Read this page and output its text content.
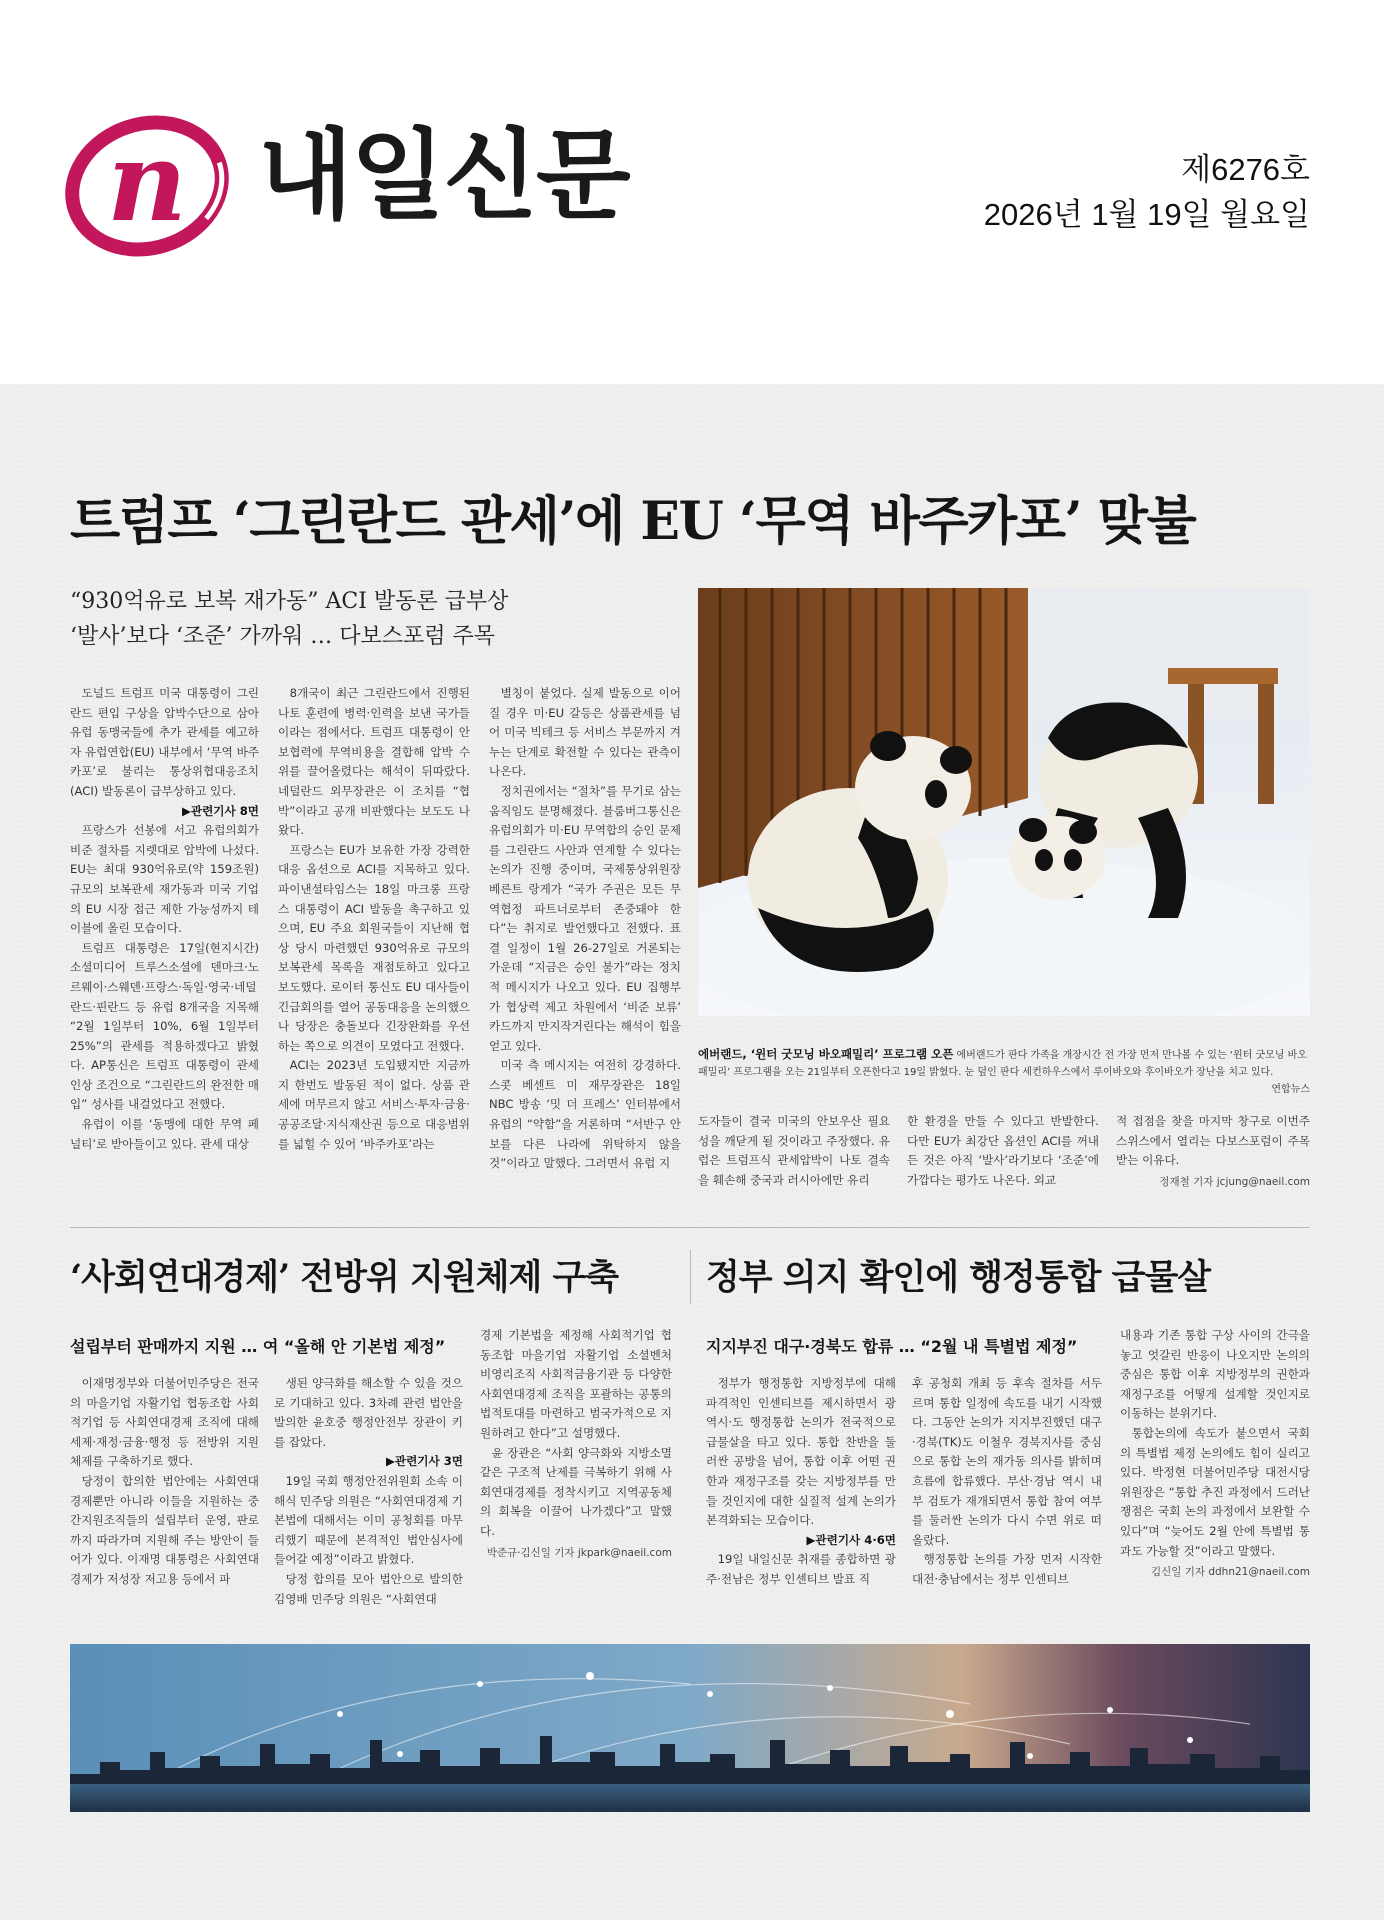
n 내일신문	제6276호
2026년 1월 19일 월요일
트럼프 ‘그린란드 관세’에 EU ‘무역 바주카포’ 맞불
“930억유로 보복 재가동” ACI 발동론 급부상
‘발사’보다 ‘조준’ 가까워 … 다보스포럼 주목

도널드 트럼프 미국 대통령이 그린란드 편입 구상을 압박수단으로 삼아 유럽 동맹국들에 추가 관세를 예고하자 유럽연합(EU) 내부에서 ‘무역 바주카포’로 불리는 통상위협대응조치(ACI) 발동론이 급부상하고 있다.

▶관련기사 8면

프랑스가 선봉에 서고 유럽의회가 비준 절차를 지렛대로 압박에 나섰다. EU는 최대 930억유로(약 159조원) 규모의 보복관세 재가동과 미국 기업의 EU 시장 접근 제한 가능성까지 테이블에 올린 모습이다.

트럼프 대통령은 17일(현지시간) 소셜미디어 트루스소셜에 덴마크·노르웨이·스웨덴·프랑스·독일·영국·네덜란드·핀란드 등 유럽 8개국을 지목해 “2월 1일부터 10%, 6월 1일부터 25%”의 관세를 적용하겠다고 밝혔다. AP통신은 트럼프 대통령이 관세인상 조건으로 “그린란드의 완전한 매입” 성사를 내걸었다고 전했다.

유럽이 이를 ‘동맹에 대한 무역 페널티’로 받아들이고 있다. 관세 대상

8개국이 최근 그린란드에서 진행된 나토 훈련에 병력·인력을 보낸 국가들이라는 점에서다. 트럼프 대통령이 안보협력에 무역비용을 결합해 압박 수위를 끌어올렸다는 해석이 뒤따랐다. 네덜란드 외무장관은 이 조치를 “협박”이라고 공개 비판했다는 보도도 나왔다.

프랑스는 EU가 보유한 가장 강력한 대응 옵션으로 ACI를 지목하고 있다. 파이낸셜타임스는 18일 마크롱 프랑스 대통령이 ACI 발동을 촉구하고 있으며, EU 주요 회원국들이 지난해 협상 당시 마련했던 930억유로 규모의 보복관세 목록을 재점토하고 있다고 보도했다. 로이터 통신도 EU 대사들이 긴급회의를 열어 공동대응을 논의했으나 당장은 충돌보다 긴장완화를 우선하는 쪽으로 의견이 모였다고 전했다.

ACI는 2023년 도입됐지만 지금까지 한번도 발동된 적이 없다. 상품 관세에 머무르지 않고 서비스·투자·금융·공공조달·지식재산권 등으로 대응범위를 넓힐 수 있어 ‘바주카포’라는

별칭이 붙었다. 실제 발동으로 이어질 경우 미·EU 갈등은 상품관세를 넘어 미국 빅테크 등 서비스 부문까지 겨누는 단계로 확전할 수 있다는 관측이 나온다.

정치권에서는 “절차”를 무기로 삼는 움직임도 분명해졌다. 블룸버그통신은 유럽의회가 미·EU 무역합의 승인 문제를 그린란드 사안과 연계할 수 있다는 논의가 진행 중이며, 국제통상위원장 베른트 랑게가 “국가 주권은 모든 무역협정 파트너로부터 존중돼야 한다”는 취지로 발언했다고 전했다. 표결 일정이 1월 26-27일로 거론되는 가운데 “지금은 승인 불가”라는 정치적 메시지가 나오고 있다. EU 집행부가 협상력 제고 차원에서 ‘비준 보류’ 카드까지 만지작거린다는 해석이 힘을 얻고 있다.

미국 측 메시지는 여전히 강경하다. 스콧 베센트 미 재무장관은 18일 NBC 방송 ‘밋 더 프레스’ 인터뷰에서 유럽의 “약함”을 거론하며 “서반구 안보를 다른 나라에 위탁하지 않을 것”이라고 말했다. 그러면서 유럽 지

에버랜드, ‘윈터 굿모닝 바오패밀리’ 프로그램 오픈 에버랜드가 판다 가족을 개장시간 전 가장 먼저 만나볼 수 있는 ‘윈터 굿모닝 바오패밀리’ 프로그램을 오는 21일부터 오픈한다고 19일 밝혔다. 눈 덮인 판다 세컨하우스에서 루이바오와 후이바오가 장난을 치고 있다.
연합뉴스

도자들이 결국 미국의 안보우산 필요성을 깨닫게 될 것이라고 주장했다. 유럽은 트럼프식 관세압박이 나토 결속을 훼손해 중국과 러시아에만 유리

한 환경을 만들 수 있다고 반발한다. 다만 EU가 최강단 옵션인 ACI를 꺼내 든 것은 아직 ‘발사’라기보다 ‘조준’에 가깝다는 평가도 나온다. 외교

적 접점을 찾을 마지막 창구로 이번주 스위스에서 열리는 다보스포럼이 주목받는 이유다.

정재철 기자 jcjung@naeil.com
‘사회연대경제’ 전방위 지원체제 구축
설립부터 판매까지 지원 … 여 “올해 안 기본법 제정”

이재명정부와 더불어민주당은 전국의 마을기업 자활기업 협동조합 사회적기업 등 사회연대경제 조직에 대해 세제·재정·금융·행정 등 전방위 지원체제를 구축하기로 했다.

당정이 합의한 법안에는 사회연대경제뿐만 아니라 이들을 지원하는 중간지원조직들의 설립부터 운영, 판로까지 따라가며 지원해 주는 방안이 들어가 있다. 이재명 대통령은 사회연대경제가 저성장 저고용 등에서 파

생된 양극화를 해소할 수 있을 것으로 기대하고 있다. 3차례 관련 법안을 발의한 윤호중 행정안전부 장관이 키를 잡았다.

▶관련기사 3면

19일 국회 행정안전위원회 소속 이해식 민주당 의원은 “사회연대경제 기본법에 대해서는 이미 공청회를 마무리했기 때문에 본격적인 법안심사에 들어갈 예정”이라고 밝혔다.

당정 합의를 모아 법안으로 발의한 김영배 민주당 의원은 “사회연대

경제 기본법을 제정해 사회적기업 협동조합 마을기업 자활기업 소셜벤처 비영리조직 사회적금융기관 등 다양한 사회연대경제 조직을 포괄하는 공통의 법적토대를 마련하고 범국가적으로 지원하려고 한다”고 설명했다.

윤 장관은 “사회 양극화와 지방소멸 같은 구조적 난제를 극복하기 위해 사회연대경제를 정착시키고 지역공동체의 회복을 이끌어 나가겠다”고 말했다.

박준규·김신일 기자 jkpark@naeil.com
정부 의지 확인에 행정통합 급물살
지지부진 대구·경북도 합류 … “2월 내 특별법 제정”

정부가 행정통합 지방정부에 대해 파격적인 인센티브를 제시하면서 광역시·도 행정통합 논의가 전국적으로 급물살을 타고 있다. 통합 찬반을 둘러싼 공방을 넘어, 통합 이후 어떤 권한과 재정구조를 갖는 지방정부를 만들 것인지에 대한 실질적 설계 논의가 본격화되는 모습이다.

▶관련기사 4·6면

19일 내일신문 취재를 종합하면 광주·전남은 정부 인센티브 발표 직

후 공청회 개최 등 후속 절차를 서두르며 통합 일정에 속도를 내기 시작했다. 그동안 논의가 지지부진했던 대구·경북(TK)도 이철우 경북지사를 중심으로 통합 논의 재가동 의사를 밝히며 흐름에 합류했다. 부산·경남 역시 내부 검토가 재개되면서 통합 참여 여부를 둘러싼 논의가 다시 수면 위로 떠올랐다.

행정통합 논의를 가장 먼저 시작한 대전·충남에서는 정부 인센티브

내용과 기존 통합 구상 사이의 간극을 놓고 엇갈린 반응이 나오지만 논의의 중심은 통합 이후 지방정부의 권한과 재정구조를 어떻게 설계할 것인지로 이동하는 분위기다.

통합논의에 속도가 붙으면서 국회의 특별법 제정 논의에도 힘이 실리고 있다. 박정현 더불어민주당 대전시당 위원장은 “통합 추진 과정에서 드러난 쟁점은 국회 논의 과정에서 보완할 수 있다”며 “늦어도 2월 안에 특별법 통과도 가능할 것”이라고 말했다.

김신일 기자 ddhn21@naeil.com
